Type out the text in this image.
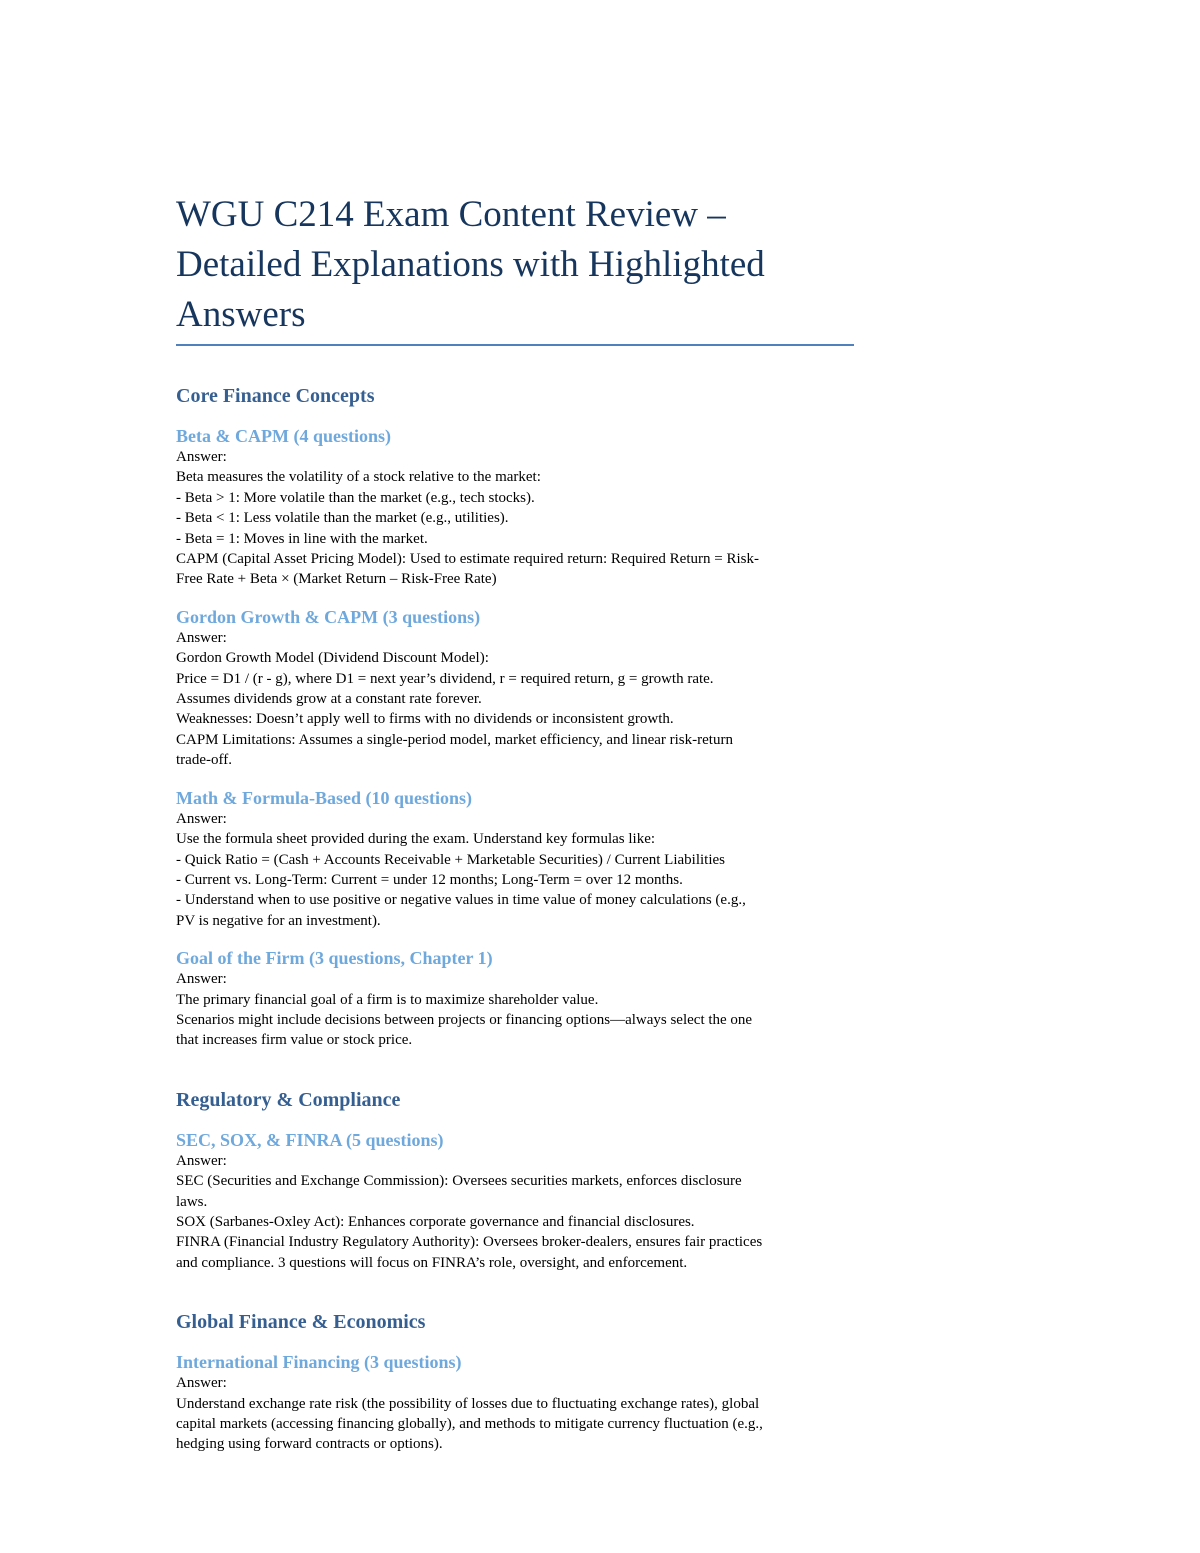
WGU C214 Exam Content Review –
Detailed Explanations with Highlighted
Answers
Core Finance Concepts
Beta & CAPM (4 questions)

Answer:

Beta measures the volatility of a stock relative to the market:

- Beta > 1: More volatile than the market (e.g., tech stocks).

- Beta < 1: Less volatile than the market (e.g., utilities).

- Beta = 1: Moves in line with the market.

CAPM (Capital Asset Pricing Model): Used to estimate required return: Required Return = Risk-

Free Rate + Beta × (Market Return – Risk-Free Rate)

Gordon Growth & CAPM (3 questions)

Answer:

Gordon Growth Model (Dividend Discount Model):

Price = D1 / (r - g), where D1 = next year’s dividend, r = required return, g = growth rate.

Assumes dividends grow at a constant rate forever.

Weaknesses: Doesn’t apply well to firms with no dividends or inconsistent growth.

CAPM Limitations: Assumes a single-period model, market efficiency, and linear risk-return

trade-off.

Math & Formula-Based (10 questions)

Answer:

Use the formula sheet provided during the exam. Understand key formulas like:

- Quick Ratio = (Cash + Accounts Receivable + Marketable Securities) / Current Liabilities

- Current vs. Long-Term: Current = under 12 months; Long-Term = over 12 months.

- Understand when to use positive or negative values in time value of money calculations (e.g.,

PV is negative for an investment).

Goal of the Firm (3 questions, Chapter 1)

Answer:

The primary financial goal of a firm is to maximize shareholder value.

Scenarios might include decisions between projects or financing options—always select the one

that increases firm value or stock price.

Regulatory & Compliance
SEC, SOX, & FINRA (5 questions)

Answer:

SEC (Securities and Exchange Commission): Oversees securities markets, enforces disclosure

laws.

SOX (Sarbanes-Oxley Act): Enhances corporate governance and financial disclosures.

FINRA (Financial Industry Regulatory Authority): Oversees broker-dealers, ensures fair practices

and compliance. 3 questions will focus on FINRA’s role, oversight, and enforcement.

Global Finance & Economics
International Financing (3 questions)

Answer:

Understand exchange rate risk (the possibility of losses due to fluctuating exchange rates), global

capital markets (accessing financing globally), and methods to mitigate currency fluctuation (e.g.,

hedging using forward contracts or options).
